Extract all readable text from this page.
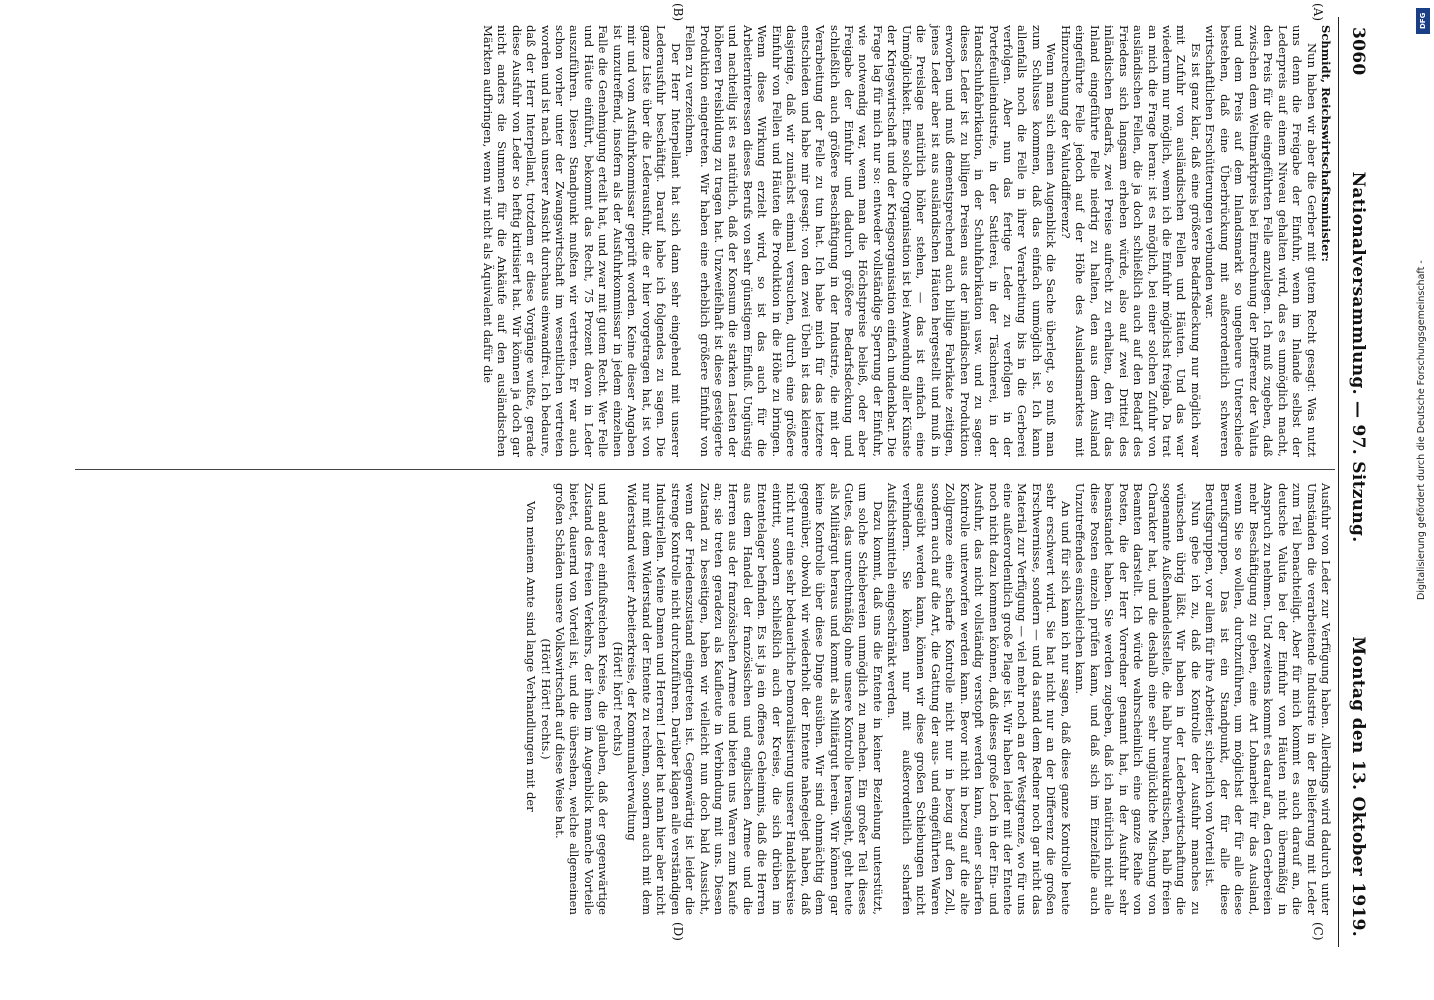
3060
Nationalversammlung. — 97. Sitzung.
Montag den 13. Oktober 1919.

Schmidt, Reichswirtschaftsminister:

Nun haben wir aber die Gerber mit gutem Recht gesagt: Was nutzt uns denn die Freigabe der Einfuhr, wenn im Inlande selbst der Lederpreis auf einem Niveau gehalten wird, das es unmöglich macht, den Preis für die eingeführten Felle anzulegen. Ich muß zugeben, daß zwischen dem Weltmarktpreis bei Einrechnung der Differenz der Valuta und dem Preis auf dem Inlandsmarkt so ungeheure Unterschiede bestehen, daß eine Überbrückung mit außerordentlich schweren wirtschaftlichen Erschütterungen verbunden war.

Es ist ganz klar, daß eine größere Bedarfsdeckung nur möglich war mit Zufuhr von ausländischen Fellen und Häuten. Und das war wiederum nur möglich, wenn ich die Einfuhr möglichst freigab. Da trat an mich die Frage heran: ist es möglich, bei einer solchen Zufuhr von ausländischen Fellen, die ja doch schließlich auch auf den Bedarf des Friedens sich langsam erheben würde, also auf zwei Drittel des inländischen Bedarfs, zwei Preise aufrecht zu erhalten, den für das Inland eingeführte Felle niedrig zu halten, den aus dem Ausland eingeführte Felle jedoch auf der Höhe des Auslandsmarktes mit Hinzurechnung der Valutadifferenz?

Wenn man sich einen Augenblick die Sache überlegt, so muß man zum Schlusse kommen, daß das einfach unmöglich ist. Ich kann allenfalls noch die Felle in ihrer Verarbeitung bis in die Gerberei verfolgen. Aber nun das fertige Leder zu verfolgen in der Portefeuilleindustrie, in der Sattlerei, in der Täschnerei, in der Handschuhfabrikation, in der Schuhfabrikation usw. und zu sagen: dieses Leder ist zu billigen Preisen aus der inländischen Produktion erworben und muß dementsprechend auch billige Fabrikate zeitigen, jenes Leder aber ist aus ausländischen Häuten hergestellt und muß in die Preislage natürlich höher stehen, — das ist einfach eine Unmöglichkeit. Eine solche Organisation ist bei Anwendung aller Künste der Kriegswirtschaft und der Kriegsorganisation einfach undenkbar. Die Frage lag für mich nur so: entweder vollständige Sperrung der Einfuhr, wie notwendig war, wenn man die Höchstpreise beließ, oder aber Freigabe der Einfuhr und dadurch größere Bedarfsdeckung und schließlich auch größere Beschäftigung in der Industrie, die mit der Verarbeitung der Felle zu tun hat. Ich habe mich für das letztere entschieden und habe mir gesagt: von den zwei Übeln ist das kleinere dasjenige, daß wir zunächst einmal versuchen, durch eine größere Einfuhr von Fellen und Häuten die Produktion in die Höhe zu bringen. Wenn diese Wirkung erzielt wird, so ist das auch für die Arbeiterinteressen dieses Berufs von sehr günstigem Einfluß. Ungünstig und nachteilig ist es natürlich, daß der Konsum die starken Lasten der höheren Preisbildung zu tragen hat. Unzweifelhaft ist diese gesteigerte Produktion eingetreten. Wir haben eine erheblich größere Einfuhr von Fellen zu verzeichnen.

Der Herr Interpellant hat sich dann sehr eingehend mit unserer Lederausfuhr beschäftigt. Darauf habe ich folgendes zu sagen. Die ganze Liste über die Lederausfuhr, die er hier vorgetragen hat, ist von mir und vom Ausfuhrkommissar geprüft worden. Keine dieser Angaben ist unzutreffend, insofern als der Ausfuhrkommissar in jedem einzelnen Falle die Genehmigung erteilt hat, und zwar mit gutem Recht. Wer Felle und Häute einführt, bekommt das Recht, 75 Prozent davon in Leder auszuführen. Diesen Standpunkt mußten wir vertreten. Er war auch schon vorher unter der Zwangswirtschaft im wesentlichen vertreten worden und ist nach unserer Ansicht durchaus einwandfrei. Ich bedaure, daß der Herr Interpellant, trotzdem er diese Vorgänge wußte, gerade diese Ausfuhr von Leder so heftig kritisiert hat. Wir können ja doch gar nicht anders die Summen für die Ankäufe auf den ausländischen Märkten aufbringen, wenn wir nicht als Äquivalent dafür die

Ausfuhr von Leder zur Verfügung haben. Allerdings wird dadurch unter Umständen die verarbeitende Industrie in der Belieferung mit Leder zum Teil benachteiligt. Aber für mich kommt es auch darauf an, die deutsche Valuta bei der Einfuhr von Häuten nicht übermäßig in Anspruch zu nehmen. Und zweitens kommt es darauf an, den Gerbereien mehr Beschäftigung zu geben, eine Art Lohnarbeit für das Ausland, wenn Sie so wollen, durchzuführen, um möglichst der für alle diese Berufsgruppen, Das ist ein Standpunkt, der für alle diese Berufsgruppen, vor allem für ihre Arbeiter, sicherlich von Vorteil ist.

Nun gebe ich zu, daß die Kontrolle der Ausfuhr manches zu wünschen übrig läßt. Wir haben in der Lederbewirtschaftung die sogenannte Außenhandelsstelle, die halb bureaukratischen, halb freien Charakter hat, und die deshalb eine sehr unglückliche Mischung von Beamten darstellt. Ich würde wahrscheinlich eine ganze Reihe von Posten, die der Herr Vorredner genannt hat, in der Ausfuhr sehr beanstandet haben. Sie werden zugeben, daß ich natürlich nicht alle diese Posten einzeln prüfen kann, und daß sich im Einzelfalle auch Unzutreffendes einschleichen kann.

An und für sich kann ich nur sagen, daß diese ganze Kontrolle heute sehr erschwert wird. Sie hat nicht nur an der Differenz die großen Erschwernisse, sondern — und da stand dem Redner noch gar nicht das Material zur Verfügung — viel mehr noch an der Westgrenze, wo für uns eine außerordentlich große Plage ist. Wir haben leider mit der Entente noch nicht dazu kommen können, daß dieses große Loch in der Ein- und Ausfuhr, das nicht vollständig verstopft werden kann, einer scharfen Kontrolle unterworfen werden kann. Bevor nicht in bezug auf die alte Zollgrenze eine scharfe Kontrolle nicht nur in bezug auf den Zoll, sondern auch auf die Art, die Gattung der aus- und eingeführten Waren ausgeübt werden kann, können wir diese großen Schiebungen nicht verhindern. Sie können nur mit außerordentlich scharfen Aufsichtsmitteln eingeschränkt werden.

Dazu kommt, daß uns die Entente in keiner Beziehung unterstützt, um solche Schiebereien unmöglich zu machen. Ein großer Teil dieses Gutes, das unrechtmäßig ohne unsere Kontrolle herausgeht, geht heute als Militärgut heraus und kommt als Militärgut herein. Wir können gar keine Kontrolle über diese Dinge ausüben. Wir sind ohnmächtig dem gegenüber, obwohl wir wiederholt der Entente nahegelegt haben, daß nicht nur eine sehr bedauerliche Demoralisierung unserer Handelskreise eintritt, sondern schließlich auch der Kreise, die sich drüben im Ententelager befinden. Es ist ja ein offenes Geheimnis, daß die Herren aus dem Handel der französischen und englischen Armee und die Herren aus der französischen Armee und bieten uns Waren zum Kaufe an; sie treten geradezu als Kaufleute in Verbindung mit uns. Diesen Zustand zu beseitigen, haben wir vielleicht nun doch bald Aussicht, wenn der Friedenszustand eingetreten ist. Gegenwärtig ist leider die strenge Kontrolle nicht durchzuführen. Darüber klagen alle verständigen Industriellen. Meine Damen und Herren! Leider hat man hier aber nicht nur mit dem Widerstand der Entente zu rechnen, sondern auch mit dem Widerstand weiter Arbeiterkreise, der Kommunalverwaltung

(Hört! hört! rechts)

und anderer einflußreichen Kreise, die glauben, daß der gegenwärtige Zustand des freien Verkehrs, der ihnen im Augenblick manche Vorteile bietet, dauernd von Vorteil ist, und die übersehen, welche allgemeinen großen Schäden unsere Volkswirtschaft auf diese Weise hat.

(Hört! Hört! rechts.)

Von meinem Amte sind lange Verhandlungen mit der

(A)
(B)
(C)
(D)
DFG
Digitalisierung gefördert durch die Deutsche Forschungsgemeinschaft -
